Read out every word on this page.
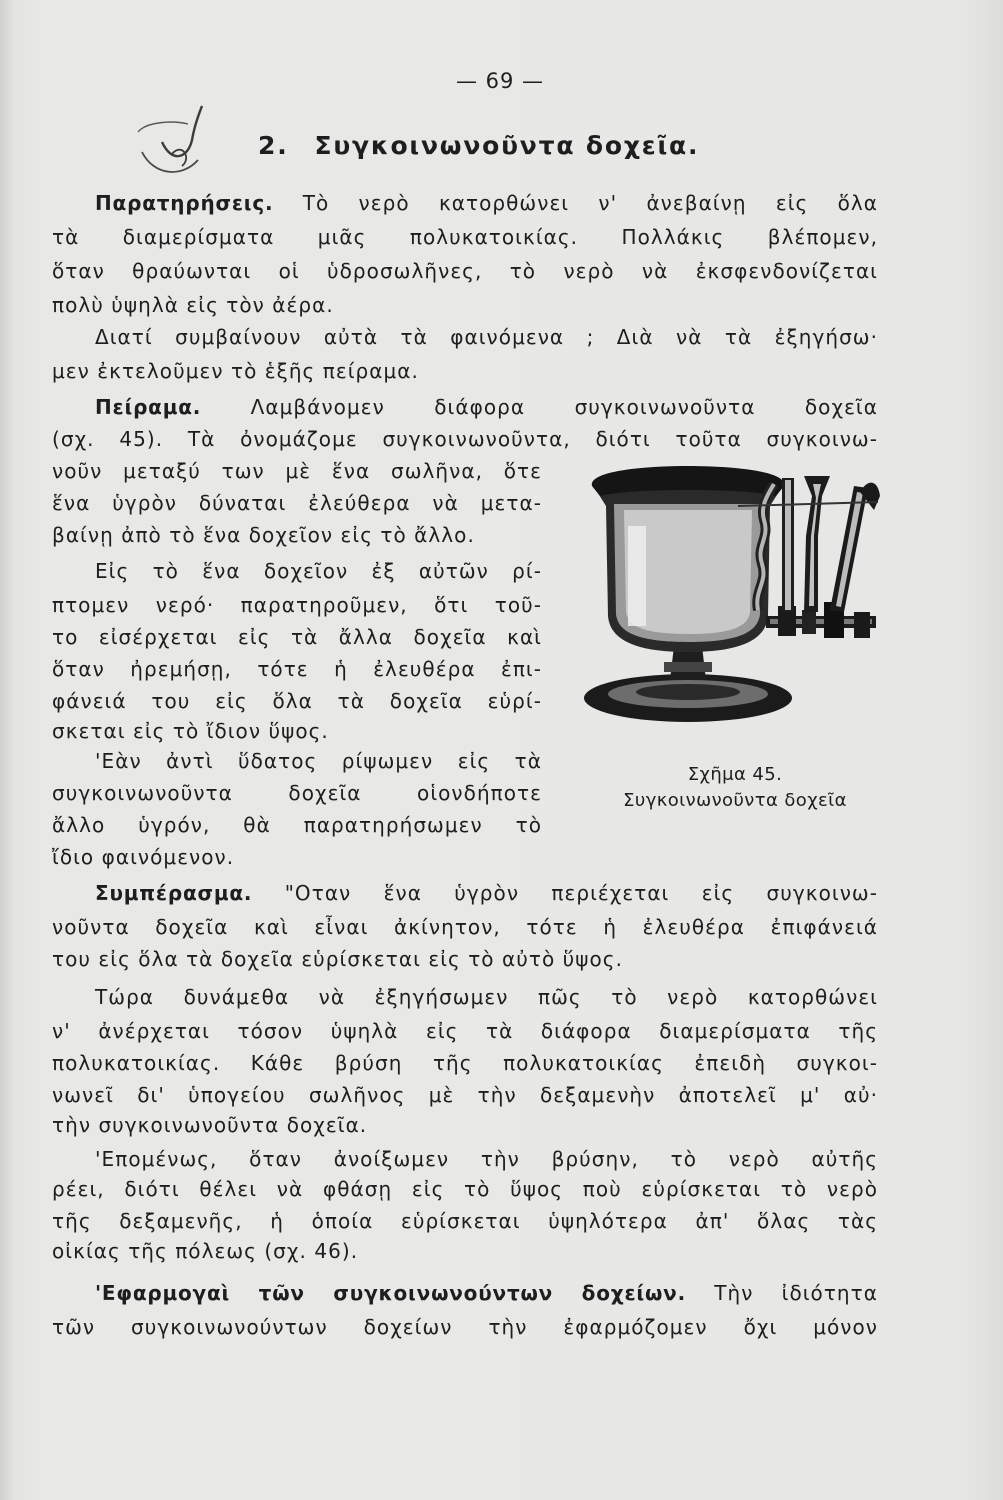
— 69 —
2. Συγκοινωνοῦντα δοχεῖα.
Παρατηρήσεις. Τὸ νερὸ κατορθώνει ν' ἀνεβαίνῃ εἰς ὅλα
τὰ διαμερίσματα μιᾶς πολυκατοικίας. Πολλάκις βλέπομεν,
ὅταν θραύωνται οἱ ὑδροσωλῆνες, τὸ νερὸ νὰ ἐκσφενδονίζεται
πολὺ ὑψηλὰ εἰς τὸν ἀέρα.
Διατί συμβαίνουν αὐτὰ τὰ φαινόμενα ; Διὰ νὰ τὰ ἐξηγήσω·
μεν ἐκτελοῦμεν τὸ ἑξῆς πείραμα.
Πείραμα. Λαμβάνομεν διάφορα συγκοινωνοῦντα δοχεῖα
(σχ. 45). Τὰ ὀνομάζομε συγκοινωνοῦντα, διότι τοῦτα συγκοινω-
νοῦν μεταξύ των μὲ ἕνα σωλῆνα, ὅτε
ἕνα ὑγρὸν δύναται ἐλεύθερα νὰ μετα-
βαίνῃ ἀπὸ τὸ ἕνα δοχεῖον εἰς τὸ ἄλλο.
Εἰς τὸ ἕνα δοχεῖον ἐξ αὐτῶν ρί-
πτομεν νερό· παρατηροῦμεν, ὅτι τοῦ-
το εἰσέρχεται εἰς τὰ ἄλλα δοχεῖα καὶ
ὅταν ἠρεμήσῃ, τότε ἡ ἐλευθέρα ἐπι-
φάνειά του εἰς ὅλα τὰ δοχεῖα εὑρί-
σκεται εἰς τὸ ἴδιον ὕψος.
'Εὰν ἀντὶ ὕδατος ρίψωμεν εἰς τὰ
συγκοινωνοῦντα δοχεῖα οἱονδήποτε
ἄλλο ὑγρόν, θὰ παρατηρήσωμεν τὸ
ἴδιο φαινόμενον.
Σχῆμα 45.
Συγκοινωνοῦντα δοχεῖα
Συμπέρασμα. "Οταν ἕνα ὑγρὸν περιέχεται εἰς συγκοινω-
νοῦντα δοχεῖα καὶ εἶναι ἀκίνητον, τότε ἡ ἐλευθέρα ἐπιφάνειά
του εἰς ὅλα τὰ δοχεῖα εὑρίσκεται εἰς τὸ αὐτὸ ὕψος.
Τώρα δυνάμεθα νὰ ἐξηγήσωμεν πῶς τὸ νερὸ κατορθώνει
ν' ἀνέρχεται τόσον ὑψηλὰ εἰς τὰ διάφορα διαμερίσματα τῆς
πολυκατοικίας. Κάθε βρύση τῆς πολυκατοικίας ἐπειδὴ συγκοι-
νωνεῖ δι' ὑπογείου σωλῆνος μὲ τὴν δεξαμενὴν ἀποτελεῖ μ' αὐ·
τὴν συγκοινωνοῦντα δοχεῖα.
'Επομένως, ὅταν ἀνοίξωμεν τὴν βρύσην, τὸ νερὸ αὐτῆς
ρέει, διότι θέλει νὰ φθάσῃ εἰς τὸ ὕψος ποὺ εὑρίσκεται τὸ νερὸ
τῆς δεξαμενῆς, ἡ ὁποία εὑρίσκεται ὑψηλότερα ἀπ' ὅλας τὰς
οἰκίας τῆς πόλεως (σχ. 46).
'Εφαρμογαὶ τῶν συγκοινωνούντων δοχείων. Τὴν ἰδιότητα
τῶν συγκοινωνούντων δοχείων τὴν ἐφαρμόζομεν ὄχι μόνον
